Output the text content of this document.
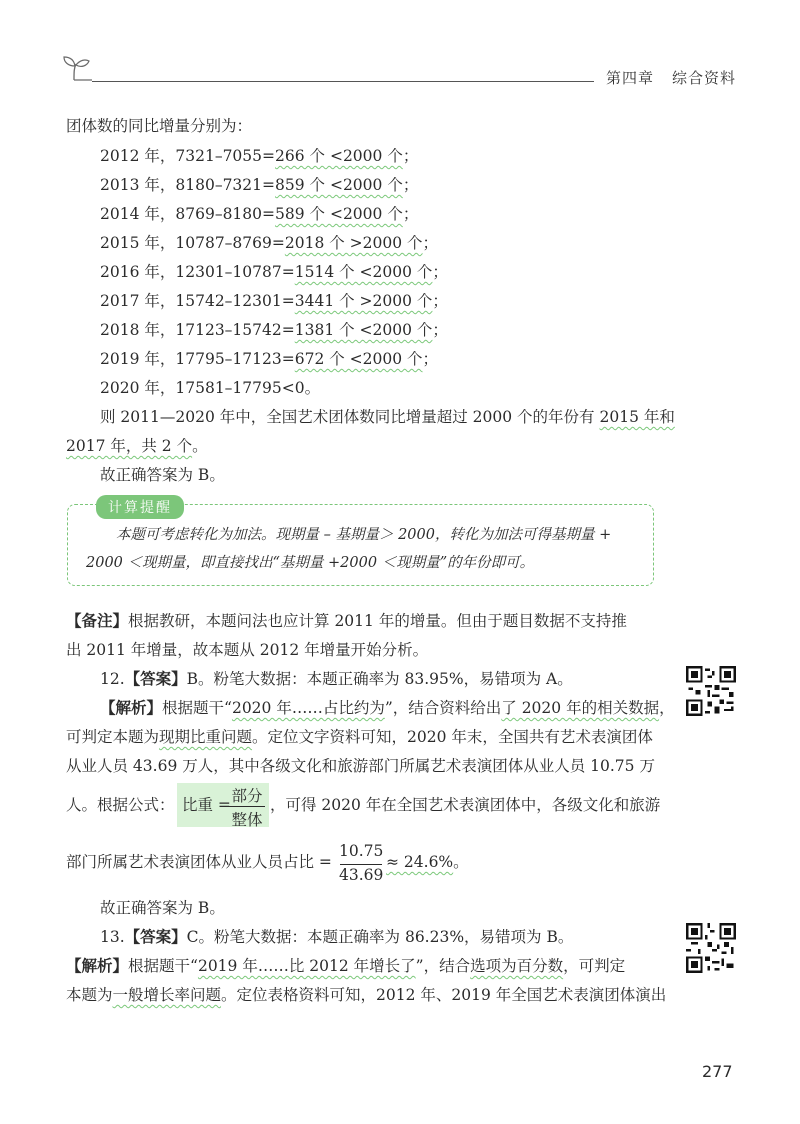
第四章 综合资料
团体数的同比增量分别为：
2012 年，7321–7055=266 个 <2000 个；
2013 年，8180–7321=859 个 <2000 个；
2014 年，8769–8180=589 个 <2000 个；
2015 年，10787–8769=2018 个 >2000 个；
2016 年，12301–10787=1514 个 <2000 个；
2017 年，15742–12301=3441 个 >2000 个；
2018 年，17123–15742=1381 个 <2000 个；
2019 年，17795–17123=672 个 <2000 个；
2020 年，17581–17795<0。
则 2011—2020 年中，全国艺术团体数同比增量超过 2000 个的年份有 2015 年和
2017 年，共 2 个。
故正确答案为 B。
计算提醒
本题可考虑转化为加法。现期量 – 基期量＞ 2000，转化为加法可得基期量 +
2000 ＜现期量，即直接找出“基期量 +2000 ＜现期量”的年份即可。
【备注】根据教研，本题问法也应计算 2011 年的增量。但由于题目数据不支持推
出 2011 年增量，故本题从 2012 年增量开始分析。
12.【答案】B。粉笔大数据：本题正确率为 83.95%，易错项为 A。
【解析】根据题干“2020 年……占比约为”，结合资料给出了 2020 年的相关数据，
可判定本题为现期比重问题。定位文字资料可知，2020 年末，全国共有艺术表演团体
从业人员 43.69 万人，其中各级文化和旅游部门所属艺术表演团体从业人员 10.75 万
人。根据公式： 比重 = 部分
整体
，可得 2020 年在全国艺术表演团体中，各级文化和旅游
部门所属艺术表演团体从业人员占比 =
10.75
43.69
≈ 24.6%。
故正确答案为 B。
13.【答案】C。粉笔大数据：本题正确率为 86.23%，易错项为 B。
【解析】根据题干“2019 年……比 2012 年增长了”，结合选项为百分数，可判定
本题为一般增长率问题。定位表格资料可知，2012 年、2019 年全国艺术表演团体演出
277
